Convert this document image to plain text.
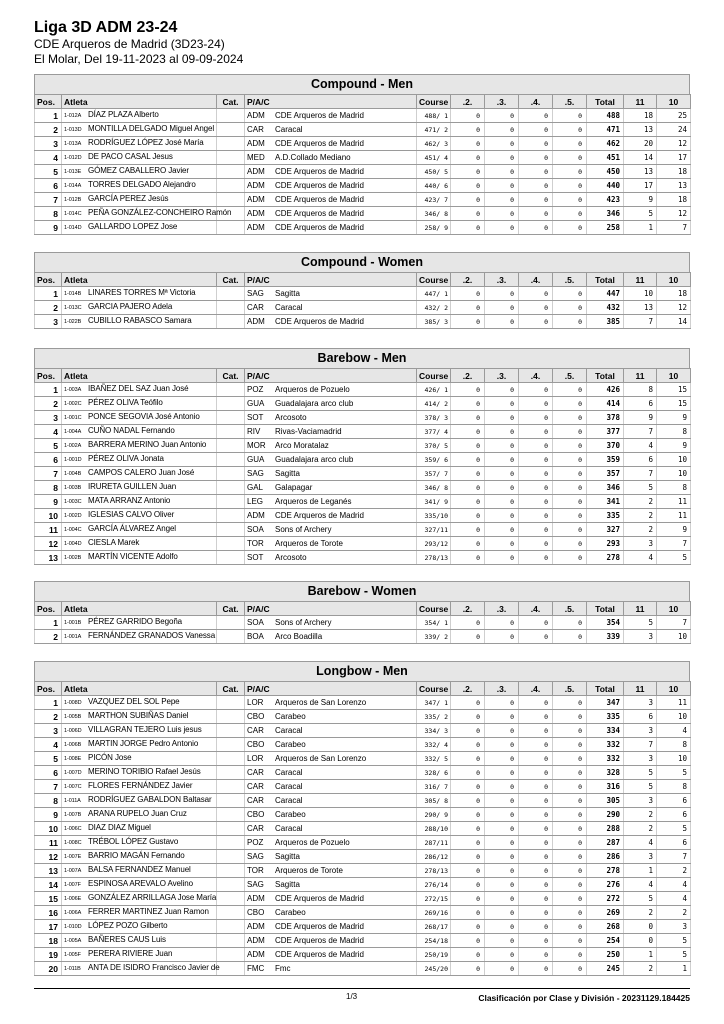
Liga 3D ADM 23-24
CDE Arqueros de Madrid (3D23-24)
El Molar, Del 19-11-2023 al 09-09-2024
Compound - Men
Pos.	Atleta	Cat.	P/A/C	Course	.2.	.3.	.4.	.5.	Total	11	10
1	1-012A DÍAZ PLAZA Alberto		ADM CDE Arqueros de Madrid	488/ 1	0	0	0	0	488	18	25
2	1-013D MONTILLA DELGADO Miguel Angel		CAR Caracal	471/ 2	0	0	0	0	471	13	24
3	1-013A RODRÍGUEZ LÓPEZ José María		ADM CDE Arqueros de Madrid	462/ 3	0	0	0	0	462	20	12
4	1-012D DE PACO CASAL Jesus		MED A.D.Collado Mediano	451/ 4	0	0	0	0	451	14	17
5	1-013E GÓMEZ CABALLERO Javier		ADM CDE Arqueros de Madrid	450/ 5	0	0	0	0	450	13	18
6	1-014A TORRES DELGADO Alejandro		ADM CDE Arqueros de Madrid	440/ 6	0	0	0	0	440	17	13
7	1-012B GARCÍA PEREZ Jesús		ADM CDE Arqueros de Madrid	423/ 7	0	0	0	0	423	9	18
8	1-014C PEÑA GONZÁLEZ-CONCHEIRO Ramón		ADM CDE Arqueros de Madrid	346/ 8	0	0	0	0	346	5	12
9	1-014D GALLARDO LOPEZ Jose		ADM CDE Arqueros de Madrid	258/ 9	0	0	0	0	258	1	7
Compound - Women
Pos.	Atleta	Cat.	P/A/C	Course	.2.	.3.	.4.	.5.	Total	11	10
1	1-014B LINARES TORRES Mª Victoria		SAG Sagitta	447/ 1	0	0	0	0	447	10	18
2	1-013C GARCIA PAJERO Adela		CAR Caracal	432/ 2	0	0	0	0	432	13	12
3	1-022B CUBILLO RABASCO Samara		ADM CDE Arqueros de Madrid	385/ 3	0	0	0	0	385	7	14
Barebow - Men
Pos.	Atleta	Cat.	P/A/C	Course	.2.	.3.	.4.	.5.	Total	11	10
1	1-003A IBAÑEZ DEL SAZ Juan José		POZ Arqueros de Pozuelo	426/ 1	0	0	0	0	426	8	15
2	1-002C PÉREZ OLIVA Teófilo		GUA Guadalajara arco club	414/ 2	0	0	0	0	414	6	15
3	1-001C PONCE SEGOVIA José Antonio		SOT Arcosoto	378/ 3	0	0	0	0	378	9	9
4	1-004A CUÑO NADAL Fernando		RIV Rivas-Vaciamadrid	377/ 4	0	0	0	0	377	7	8
5	1-002A BARRERA MERINO Juan Antonio		MOR Arco Moratalaz	370/ 5	0	0	0	0	370	4	9
6	1-001D PÉREZ OLIVA Jonata		GUA Guadalajara arco club	359/ 6	0	0	0	0	359	6	10
7	1-004B CAMPOS CALERO Juan José		SAG Sagitta	357/ 7	0	0	0	0	357	7	10
8	1-003B IRURETA GUILLEN Juan		GAL Galapagar	346/ 8	0	0	0	0	346	5	8
9	1-003C MATA ARRANZ Antonio		LEG Arqueros de Leganés	341/ 9	0	0	0	0	341	2	11
10	1-002D IGLESIAS CALVO Oliver		ADM CDE Arqueros de Madrid	335/10	0	0	0	0	335	2	11
11	1-004C GARCÍA ÁLVAREZ Angel		SOA Sons of Archery	327/11	0	0	0	0	327	2	9
12	1-004D CIESLA Marek		TOR Arqueros de Torote	293/12	0	0	0	0	293	3	7
13	1-002B MARTÍN VICENTE Adolfo		SOT Arcosoto	278/13	0	0	0	0	278	4	5
Barebow - Women
Pos.	Atleta	Cat.	P/A/C	Course	.2.	.3.	.4.	.5.	Total	11	10
1	1-001B PÉREZ GARRIDO Begoña		SOA Sons of Archery	354/ 1	0	0	0	0	354	5	7
2	1-001A FERNÁNDEZ GRANADOS Vanessa		BOA Arco Boadilla	339/ 2	0	0	0	0	339	3	10
Longbow - Men
Pos.	Atleta	Cat.	P/A/C	Course	.2.	.3.	.4.	.5.	Total	11	10
1	1-008D VAZQUEZ DEL SOL Pepe		LOR Arqueros de San Lorenzo	347/ 1	0	0	0	0	347	3	11
2	1-005B MARTHON SUBIÑAS Daniel		CBO Carabeo	335/ 2	0	0	0	0	335	6	10
3	1-006D VILLAGRAN TEJERO Luis jesus		CAR Caracal	334/ 3	0	0	0	0	334	3	4
4	1-006B MARTIN JORGE Pedro Antonio		CBO Carabeo	332/ 4	0	0	0	0	332	7	8
5	1-008E PICÓN Jose		LOR Arqueros de San Lorenzo	332/ 5	0	0	0	0	332	3	10
6	1-007D MERINO TORIBIO Rafael Jesús		CAR Caracal	328/ 6	0	0	0	0	328	5	5
7	1-007C FLORES FERNÁNDEZ Javier		CAR Caracal	316/ 7	0	0	0	0	316	5	8
8	1-011A RODRÍGUEZ GABALDON Baltasar		CAR Caracal	305/ 8	0	0	0	0	305	3	6
9	1-007B ARANA RUPELO Juan Cruz		CBO Carabeo	290/ 9	0	0	0	0	290	2	6
10	1-006C DIAZ DIAZ Miguel		CAR Caracal	288/10	0	0	0	0	288	2	5
11	1-008C TRÉBOL LÓPEZ Gustavo		POZ Arqueros de Pozuelo	287/11	0	0	0	0	287	4	6
12	1-007E BARRIO MAGÁN Fernando		SAG Sagitta	286/12	0	0	0	0	286	3	7
13	1-007A BALSA FERNANDEZ Manuel		TOR Arqueros de Torote	278/13	0	0	0	0	278	1	2
14	1-007F ESPINOSA AREVALO Avelino		SAG Sagitta	276/14	0	0	0	0	276	4	4
15	1-006E GONZÁLEZ ARRILLAGA Jose María		ADM CDE Arqueros de Madrid	272/15	0	0	0	0	272	5	4
16	1-006A FERRER MARTINEZ Juan Ramon		CBO Carabeo	269/16	0	0	0	0	269	2	2
17	1-010D LÓPEZ POZO Gilberto		ADM CDE Arqueros de Madrid	268/17	0	0	0	0	268	0	3
18	1-005A BAÑERES CAUS Luis		ADM CDE Arqueros de Madrid	254/18	0	0	0	0	254	0	5
19	1-005F PERERA RIVIERE Juan		ADM CDE Arqueros de Madrid	250/19	0	0	0	0	250	1	5
20	1-011B ANTA DE ISIDRO Francisco Javier de		FMC Fmc	245/20	0	0	0	0	245	2	1
1/3	Clasificación por Clase y División - 20231129.184425
